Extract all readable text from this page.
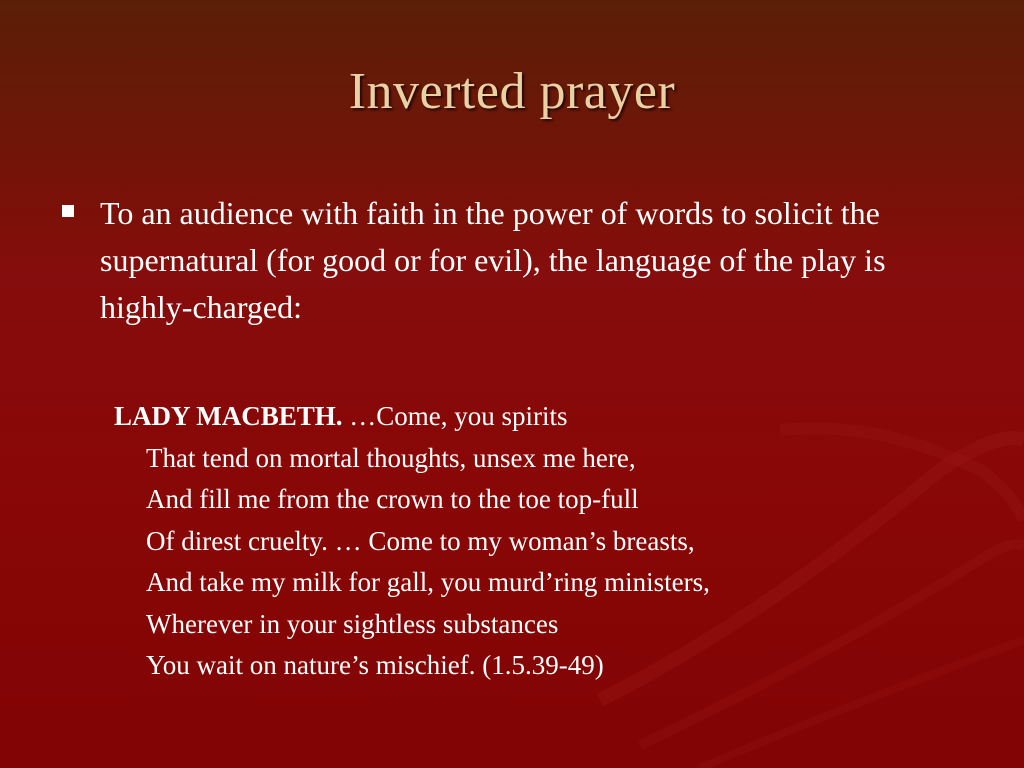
Inverted prayer
To an audience with faith in the power of words to solicit the supernatural (for good or for evil), the language of the play is highly-charged:
LADY MACBETH. …Come, you spirits
That tend on mortal thoughts, unsex me here,
And fill me from the crown to the toe top-full
Of direst cruelty. … Come to my woman’s breasts,
And take my milk for gall, you murd’ring ministers,
Wherever in your sightless substances
You wait on nature’s mischief. (1.5.39-49)
